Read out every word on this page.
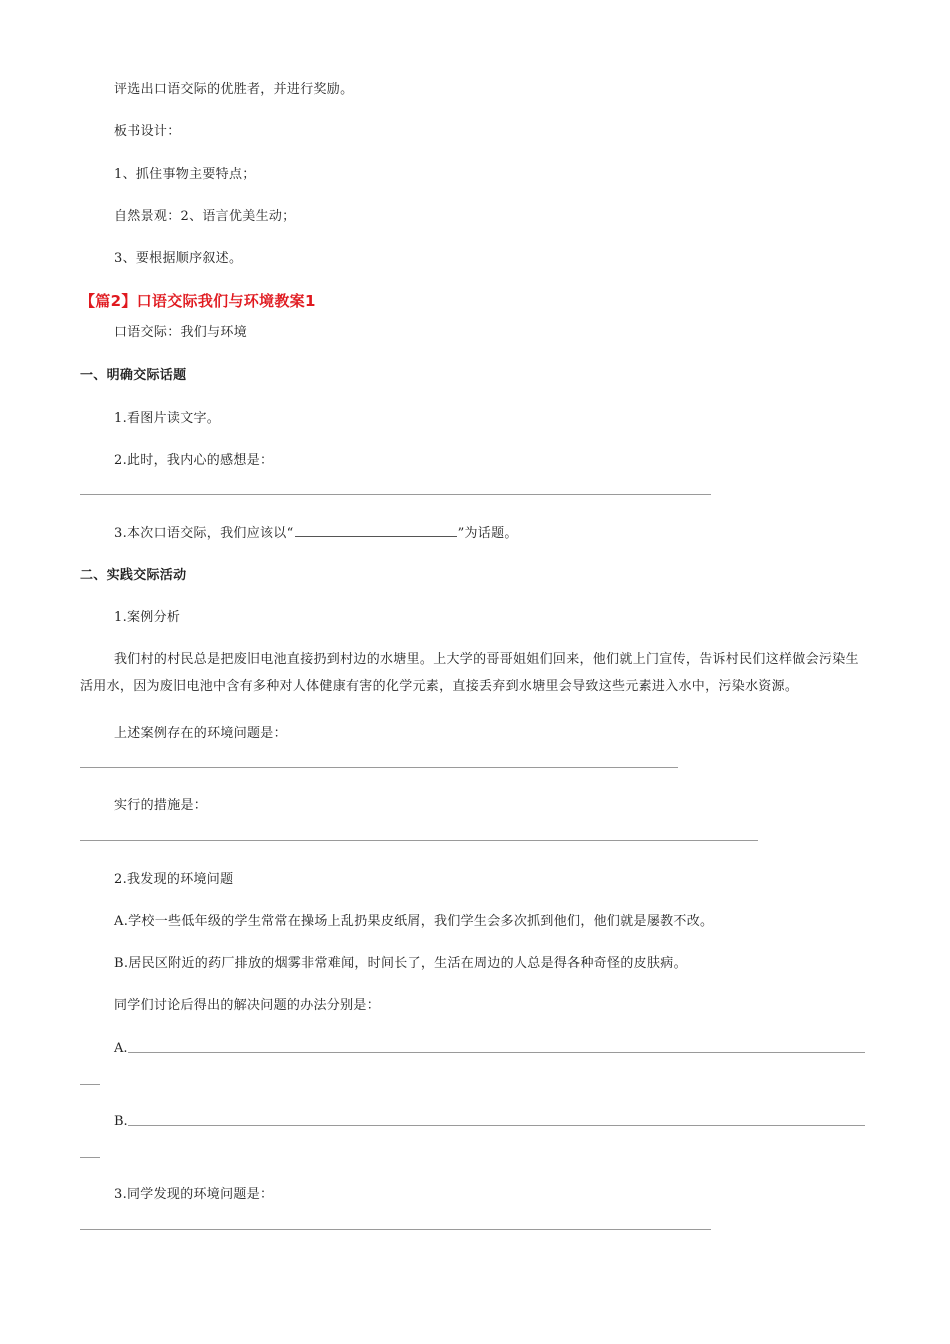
评选出口语交际的优胜者，并进行奖励。
板书设计：
1、抓住事物主要特点；
自然景观：2、语言优美生动；
3、要根据顺序叙述。
【篇2】口语交际我们与环境教案1
口语交际：我们与环境
一、明确交际话题
1.看图片读文字。
2.此时，我内心的感想是：
3.本次口语交际，我们应该以“	”为话题。
二、实践交际活动
1.案例分析
我们村的村民总是把废旧电池直接扔到村边的水塘里。上大学的哥哥姐姐们回来，他们就上门宣传，告诉村民们这样做会污染生活用水，因为废旧电池中含有多种对人体健康有害的化学元素，直接丢弃到水塘里会导致这些元素进入水中，污染水资源。
上述案例存在的环境问题是：
实行的措施是：
2.我发现的环境问题
A.学校一些低年级的学生常常在操场上乱扔果皮纸屑，我们学生会多次抓到他们，他们就是屡教不改。
B.居民区附近的药厂排放的烟雾非常难闻，时间长了，生活在周边的人总是得各种奇怪的皮肤病。
同学们讨论后得出的解决问题的办法分别是：
A.
B.
3.同学发现的环境问题是：
